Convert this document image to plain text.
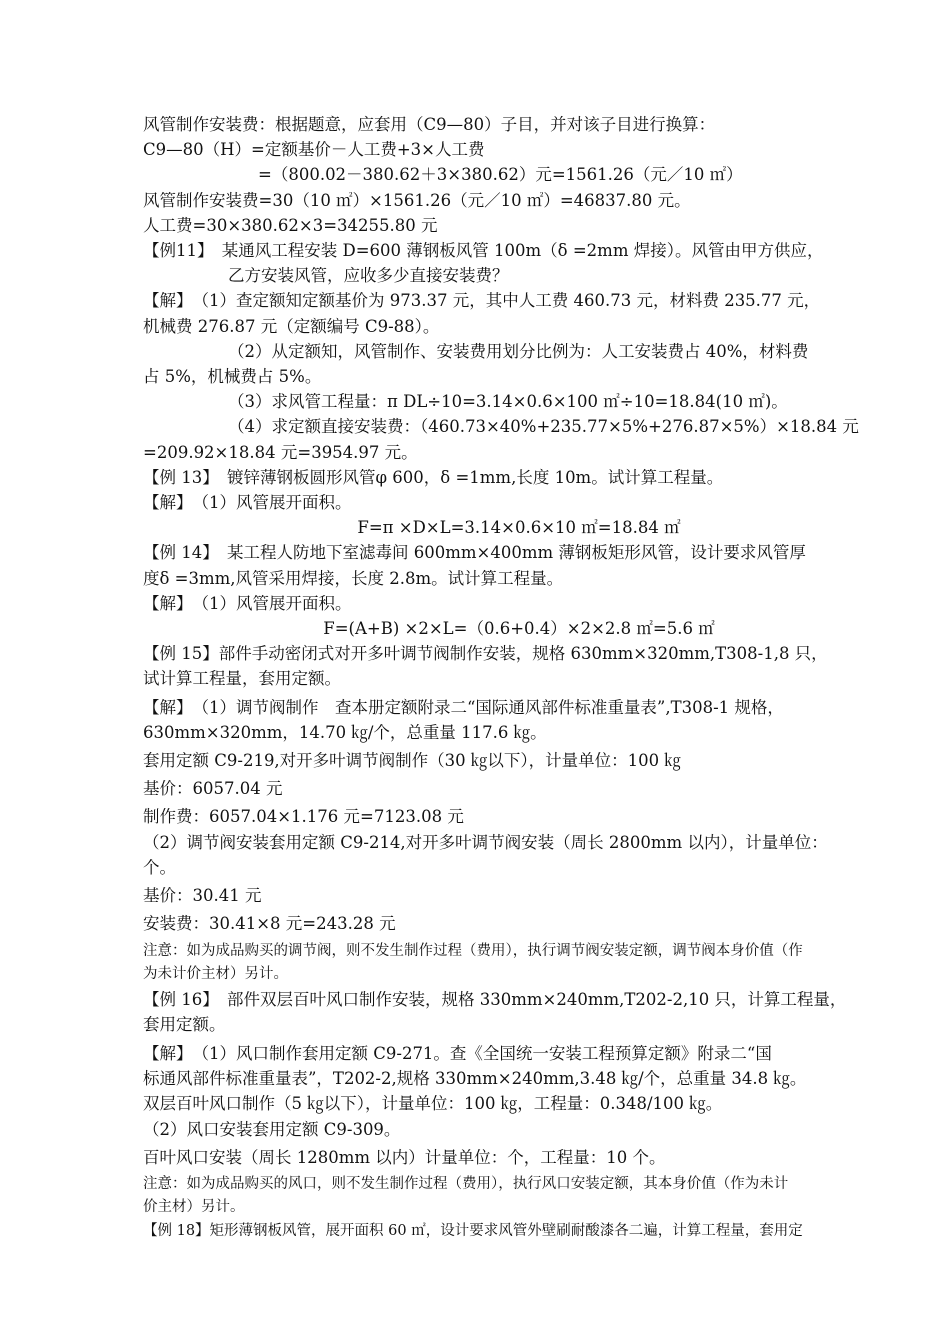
风管制作安装费：根据题意，应套用（C9—80）子目，并对该子目进行换算：

C9—80（H）=定额基价－人工费+3×人工费

=（800.02－380.62＋3×380.62）元=1561.26（元／10 ㎡）

风管制作安装费=30（10 ㎡）×1561.26（元／10 ㎡）=46837.80 元。

人工费=30×380.62×3=34255.80 元

【例11】　某通风工程安装 D=600 薄钢板风管 100m（δ =2mm 焊接）。风管由甲方供应，

乙方安装风管，应收多少直接安装费？

【解】　（1）查定额知定额基价为 973.37 元，其中人工费 460.73 元，材料费 235.77 元，

机械费 276.87 元（定额编号 C9-88）。

（2）从定额知，风管制作、安装费用划分比例为：人工安装费占 40%，材料费

占 5%，机械费占 5%。

（3）求风管工程量：π DL÷10=3.14×0.6×100 ㎡÷10=18.84(10 ㎡)。

（4）求定额直接安装费：（460.73×40%+235.77×5%+276.87×5%）×18.84 元

=209.92×18.84 元=3954.97 元。

【例 13】　镀锌薄钢板圆形风管φ 600，δ =1mm,长度 10m。试计算工程量。

【解】　（1）风管展开面积。

F=π ×D×L=3.14×0.6×10 ㎡=18.84 ㎡

【例 14】　某工程人防地下室滤毒间 600mm×400mm 薄钢板矩形风管，设计要求风管厚

度δ =3mm,风管采用焊接，长度 2.8m。试计算工程量。

【解】　（1）风管展开面积。

F=(A+B) ×2×L=（0.6+0.4）×2×2.8 ㎡=5.6 ㎡

【例 15】部件手动密闭式对开多叶调节阀制作安装，规格 630mm×320mm,T308-1,8 只，

试计算工程量，套用定额。

【解】　（1）调节阀制作　查本册定额附录二“国际通风部件标准重量表”,T308-1 规格，

630mm×320mm，14.70 ㎏/个，总重量 117.6 ㎏。

套用定额 C9-219,对开多叶调节阀制作（30 ㎏以下），计量单位：100 ㎏

基价：6057.04 元

制作费：6057.04×1.176 元=7123.08 元

（2）调节阀安装套用定额 C9-214,对开多叶调节阀安装（周长 2800mm 以内），计量单位：

个。

基价：30.41 元

安装费：30.41×8 元=243.28 元

注意：如为成品购买的调节阀，则不发生制作过程（费用），执行调节阀安装定额，调节阀本身价值（作

为未计价主材）另计。

【例 16】　部件双层百叶风口制作安装，规格 330mm×240mm,T202-2,10 只，计算工程量，

套用定额。

【解】　（1）风口制作套用定额 C9-271。查《全国统一安装工程预算定额》附录二“国

标通风部件标准重量表”，T202-2,规格 330mm×240mm,3.48 ㎏/个，总重量 34.8 ㎏。

双层百叶风口制作（5 ㎏以下），计量单位：100 ㎏，工程量：0.348/100 ㎏。

（2）风口安装套用定额 C9-309。

百叶风口安装（周长 1280mm 以内）计量单位：个，工程量：10 个。

注意：如为成品购买的风口，则不发生制作过程（费用），执行风口安装定额，其本身价值（作为未计

价主材）另计。

【例 18】矩形薄钢板风管，展开面积 60 ㎡，设计要求风管外壁刷耐酸漆各二遍，计算工程量，套用定
